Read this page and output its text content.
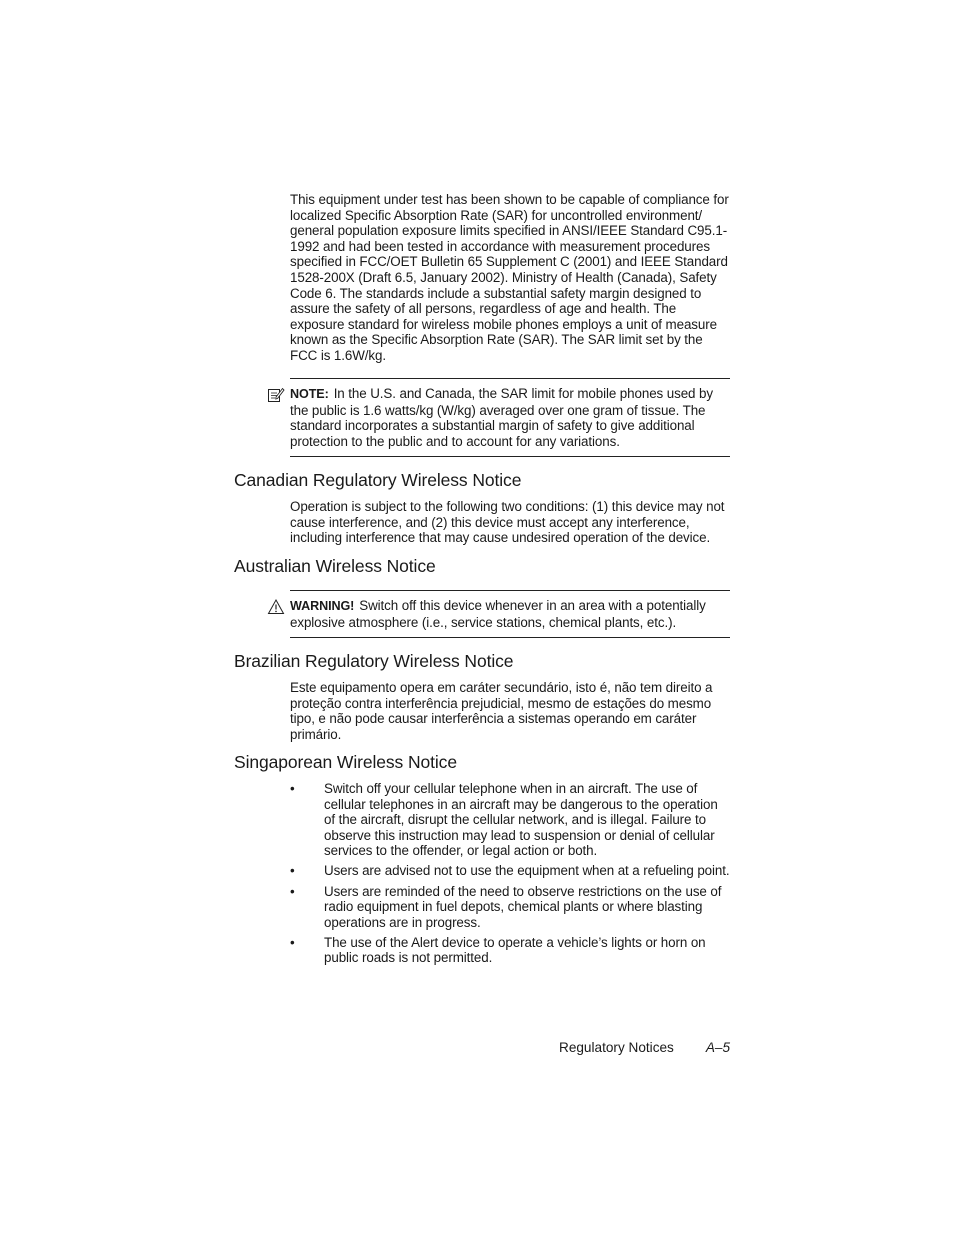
This equipment under test has been shown to be capable of compliance for localized Specific Absorption Rate (SAR) for uncontrolled environment/ general population exposure limits specified in ANSI/IEEE Standard C95.1-1992 and had been tested in accordance with measurement procedures specified in FCC/OET Bulletin 65 Supplement C (2001) and IEEE Standard 1528-200X (Draft 6.5, January 2002). Ministry of Health (Canada), Safety Code 6. The standards include a substantial safety margin designed to assure the safety of all persons, regardless of age and health. The exposure standard for wireless mobile phones employs a unit of measure known as the Specific Absorption Rate (SAR). The SAR limit set by the FCC is 1.6W/kg.

NOTE: In the U.S. and Canada, the SAR limit for mobile phones used by the public is 1.6 watts/kg (W/kg) averaged over one gram of tissue. The standard incorporates a substantial margin of safety to give additional protection to the public and to account for any variations.

Canadian Regulatory Wireless Notice

Operation is subject to the following two conditions: (1) this device may not cause interference, and (2) this device must accept any interference, including interference that may cause undesired operation of the device.

Australian Wireless Notice

WARNING! Switch off this device whenever in an area with a potentially explosive atmosphere (i.e., service stations, chemical plants, etc.).

Brazilian Regulatory Wireless Notice

Este equipamento opera em caráter secundário, isto é, não tem direito a proteção contra interferência prejudicial, mesmo de estações do mesmo tipo, e não pode causar interferência a sistemas operando em caráter primário.

Singaporean Wireless Notice
• Switch off your cellular telephone when in an aircraft. The use of cellular telephones in an aircraft may be dangerous to the operation of the aircraft, disrupt the cellular network, and is illegal. Failure to observe this instruction may lead to suspension or denial of cellular services to the offender, or legal action or both.
• Users are advised not to use the equipment when at a refueling point.
• Users are reminded of the need to observe restrictions on the use of radio equipment in fuel depots, chemical plants or where blasting operations are in progress.
• The use of the Alert device to operate a vehicle’s lights or horn on public roads is not permitted.
Regulatory Notices A–5
